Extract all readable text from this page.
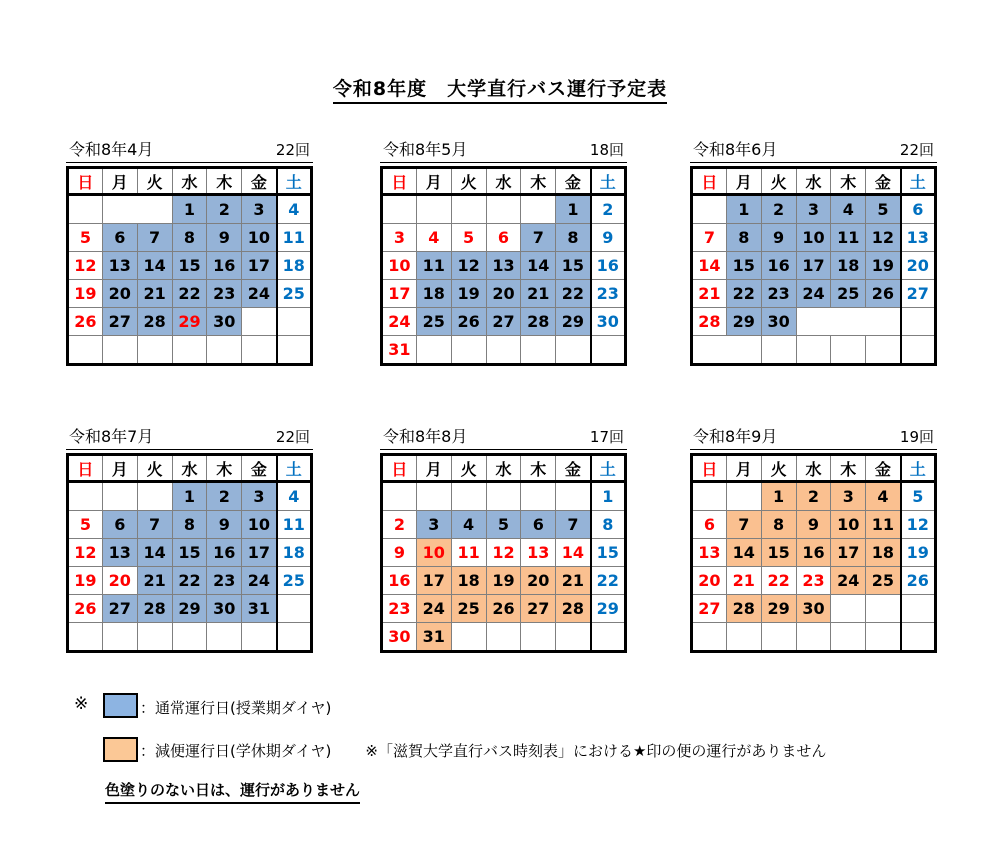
令和8年度　大学直行バス運行予定表
令和8年4月	22回
日	月	火	水	木	金	土
			1	2	3	4
5	6	7	8	9	10	11
12	13	14	15	16	17	18
19	20	21	22	23	24	25
26	27	28	29	30		

令和8年5月	18回
日	月	火	水	木	金	土
					1	2
3	4	5	6	7	8	9
10	11	12	13	14	15	16
17	18	19	20	21	22	23
24	25	26	27	28	29	30
31						
令和8年6月	22回
日	月	火	水	木	金	土
	1	2	3	4	5	6
7	8	9	10	11	12	13
14	15	16	17	18	19	20
21	22	23	24	25	26	27
28	29	30				

令和8年7月	22回
日	月	火	水	木	金	土
			1	2	3	4
5	6	7	8	9	10	11
12	13	14	15	16	17	18
19	20	21	22	23	24	25
26	27	28	29	30	31	

令和8年8月	17回
日	月	火	水	木	金	土
						1
2	3	4	5	6	7	8
9	10	11	12	13	14	15
16	17	18	19	20	21	22
23	24	25	26	27	28	29
30	31					
令和8年9月	19回
日	月	火	水	木	金	土
		1	2	3	4	5
6	7	8	9	10	11	12
13	14	15	16	17	18	19
20	21	22	23	24	25	26
27	28	29	30			

※	：通常運行日(授業期ダイヤ)
：減便運行日(学休期ダイヤ) ※「滋賀大学直行バス時刻表」における★印の便の運行がありません
色塗りのない日は、運行がありません
